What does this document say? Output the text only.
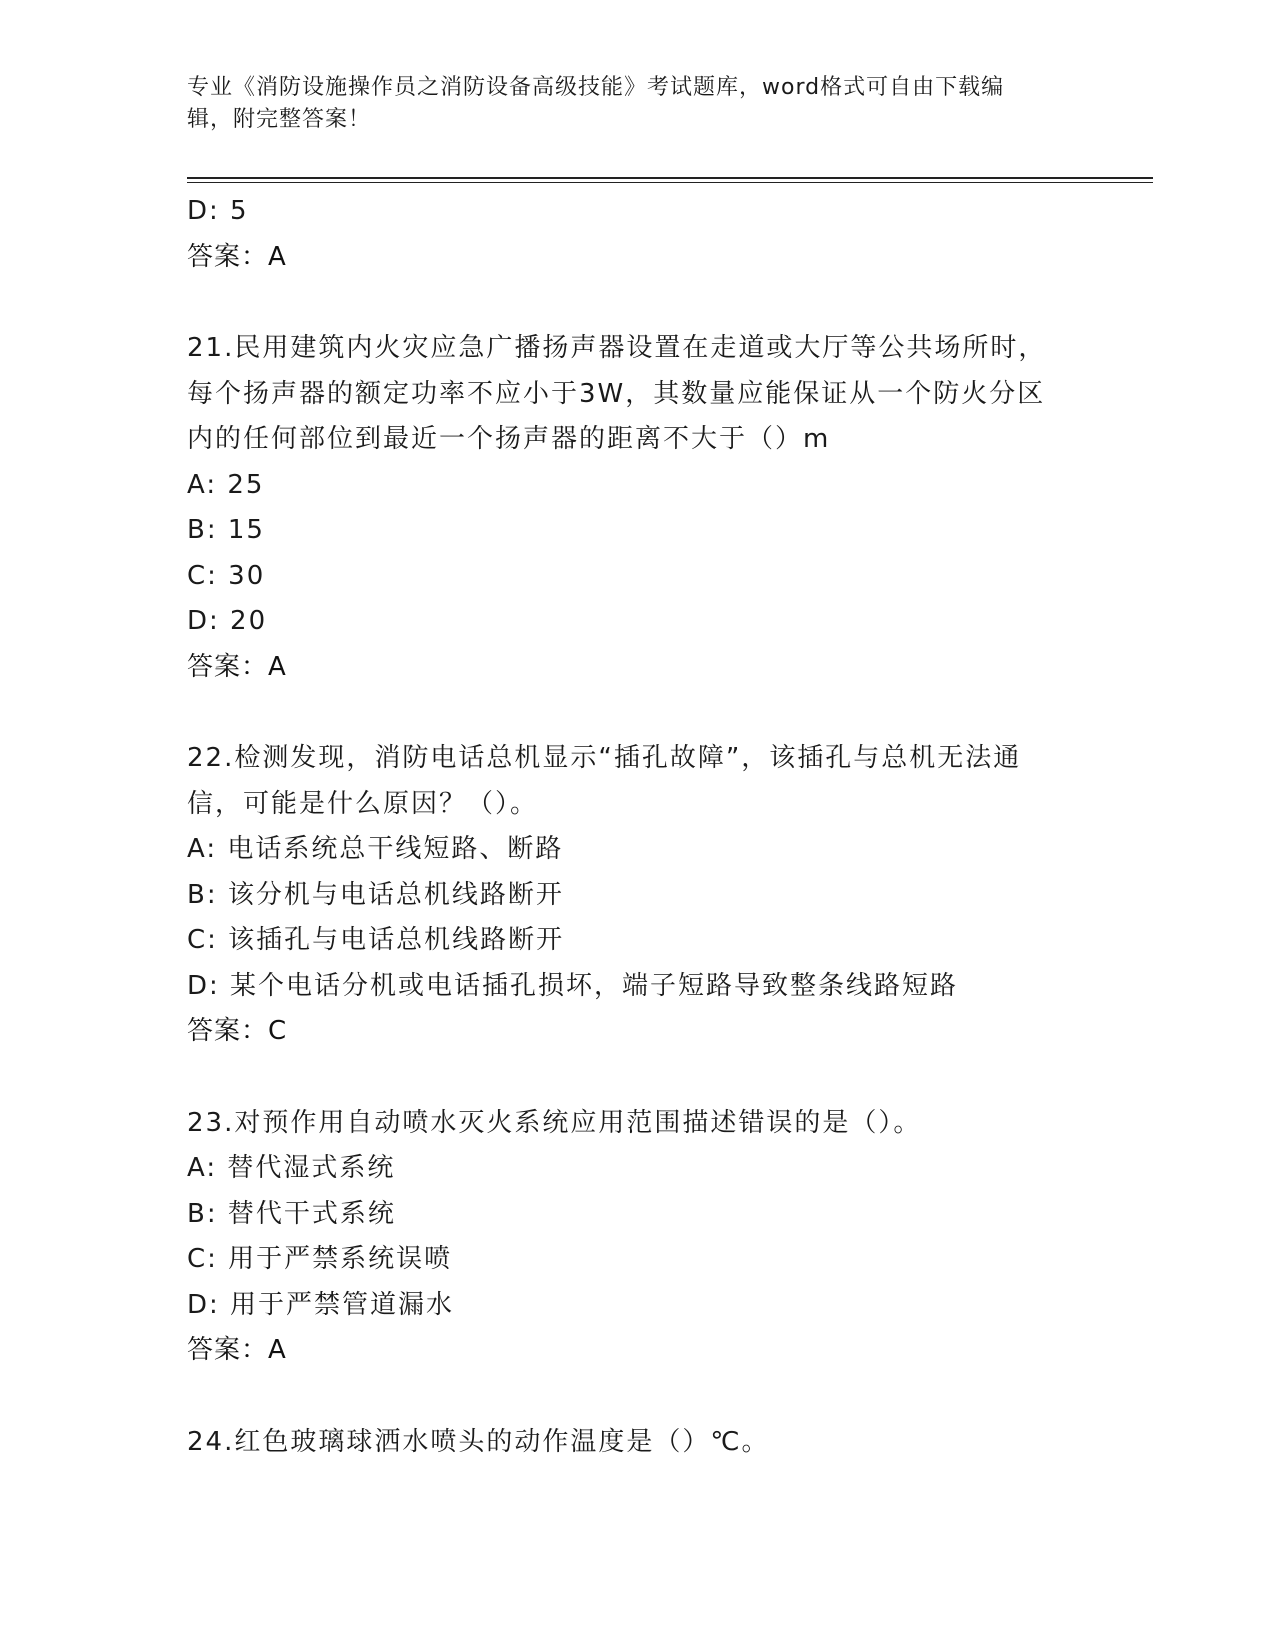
专业《消防设施操作员之消防设备高级技能》考试题库，word格式可自由下载编
辑，附完整答案！
D: 5
答案：A
21.民用建筑内火灾应急广播扬声器设置在走道或大厅等公共场所时，
每个扬声器的额定功率不应小于3W，其数量应能保证从一个防火分区
内的任何部位到最近一个扬声器的距离不大于（）m
A: 25
B: 15
C: 30
D: 20
答案：A
22.检测发现，消防电话总机显示“插孔故障”，该插孔与总机无法通
信，可能是什么原因？（）。
A: 电话系统总干线短路、断路
B: 该分机与电话总机线路断开
C: 该插孔与电话总机线路断开
D: 某个电话分机或电话插孔损坏，端子短路导致整条线路短路
答案：C
23.对预作用自动喷水灭火系统应用范围描述错误的是（）。
A: 替代湿式系统
B: 替代干式系统
C: 用于严禁系统误喷
D: 用于严禁管道漏水
答案：A
24.红色玻璃球洒水喷头的动作温度是（）℃。
